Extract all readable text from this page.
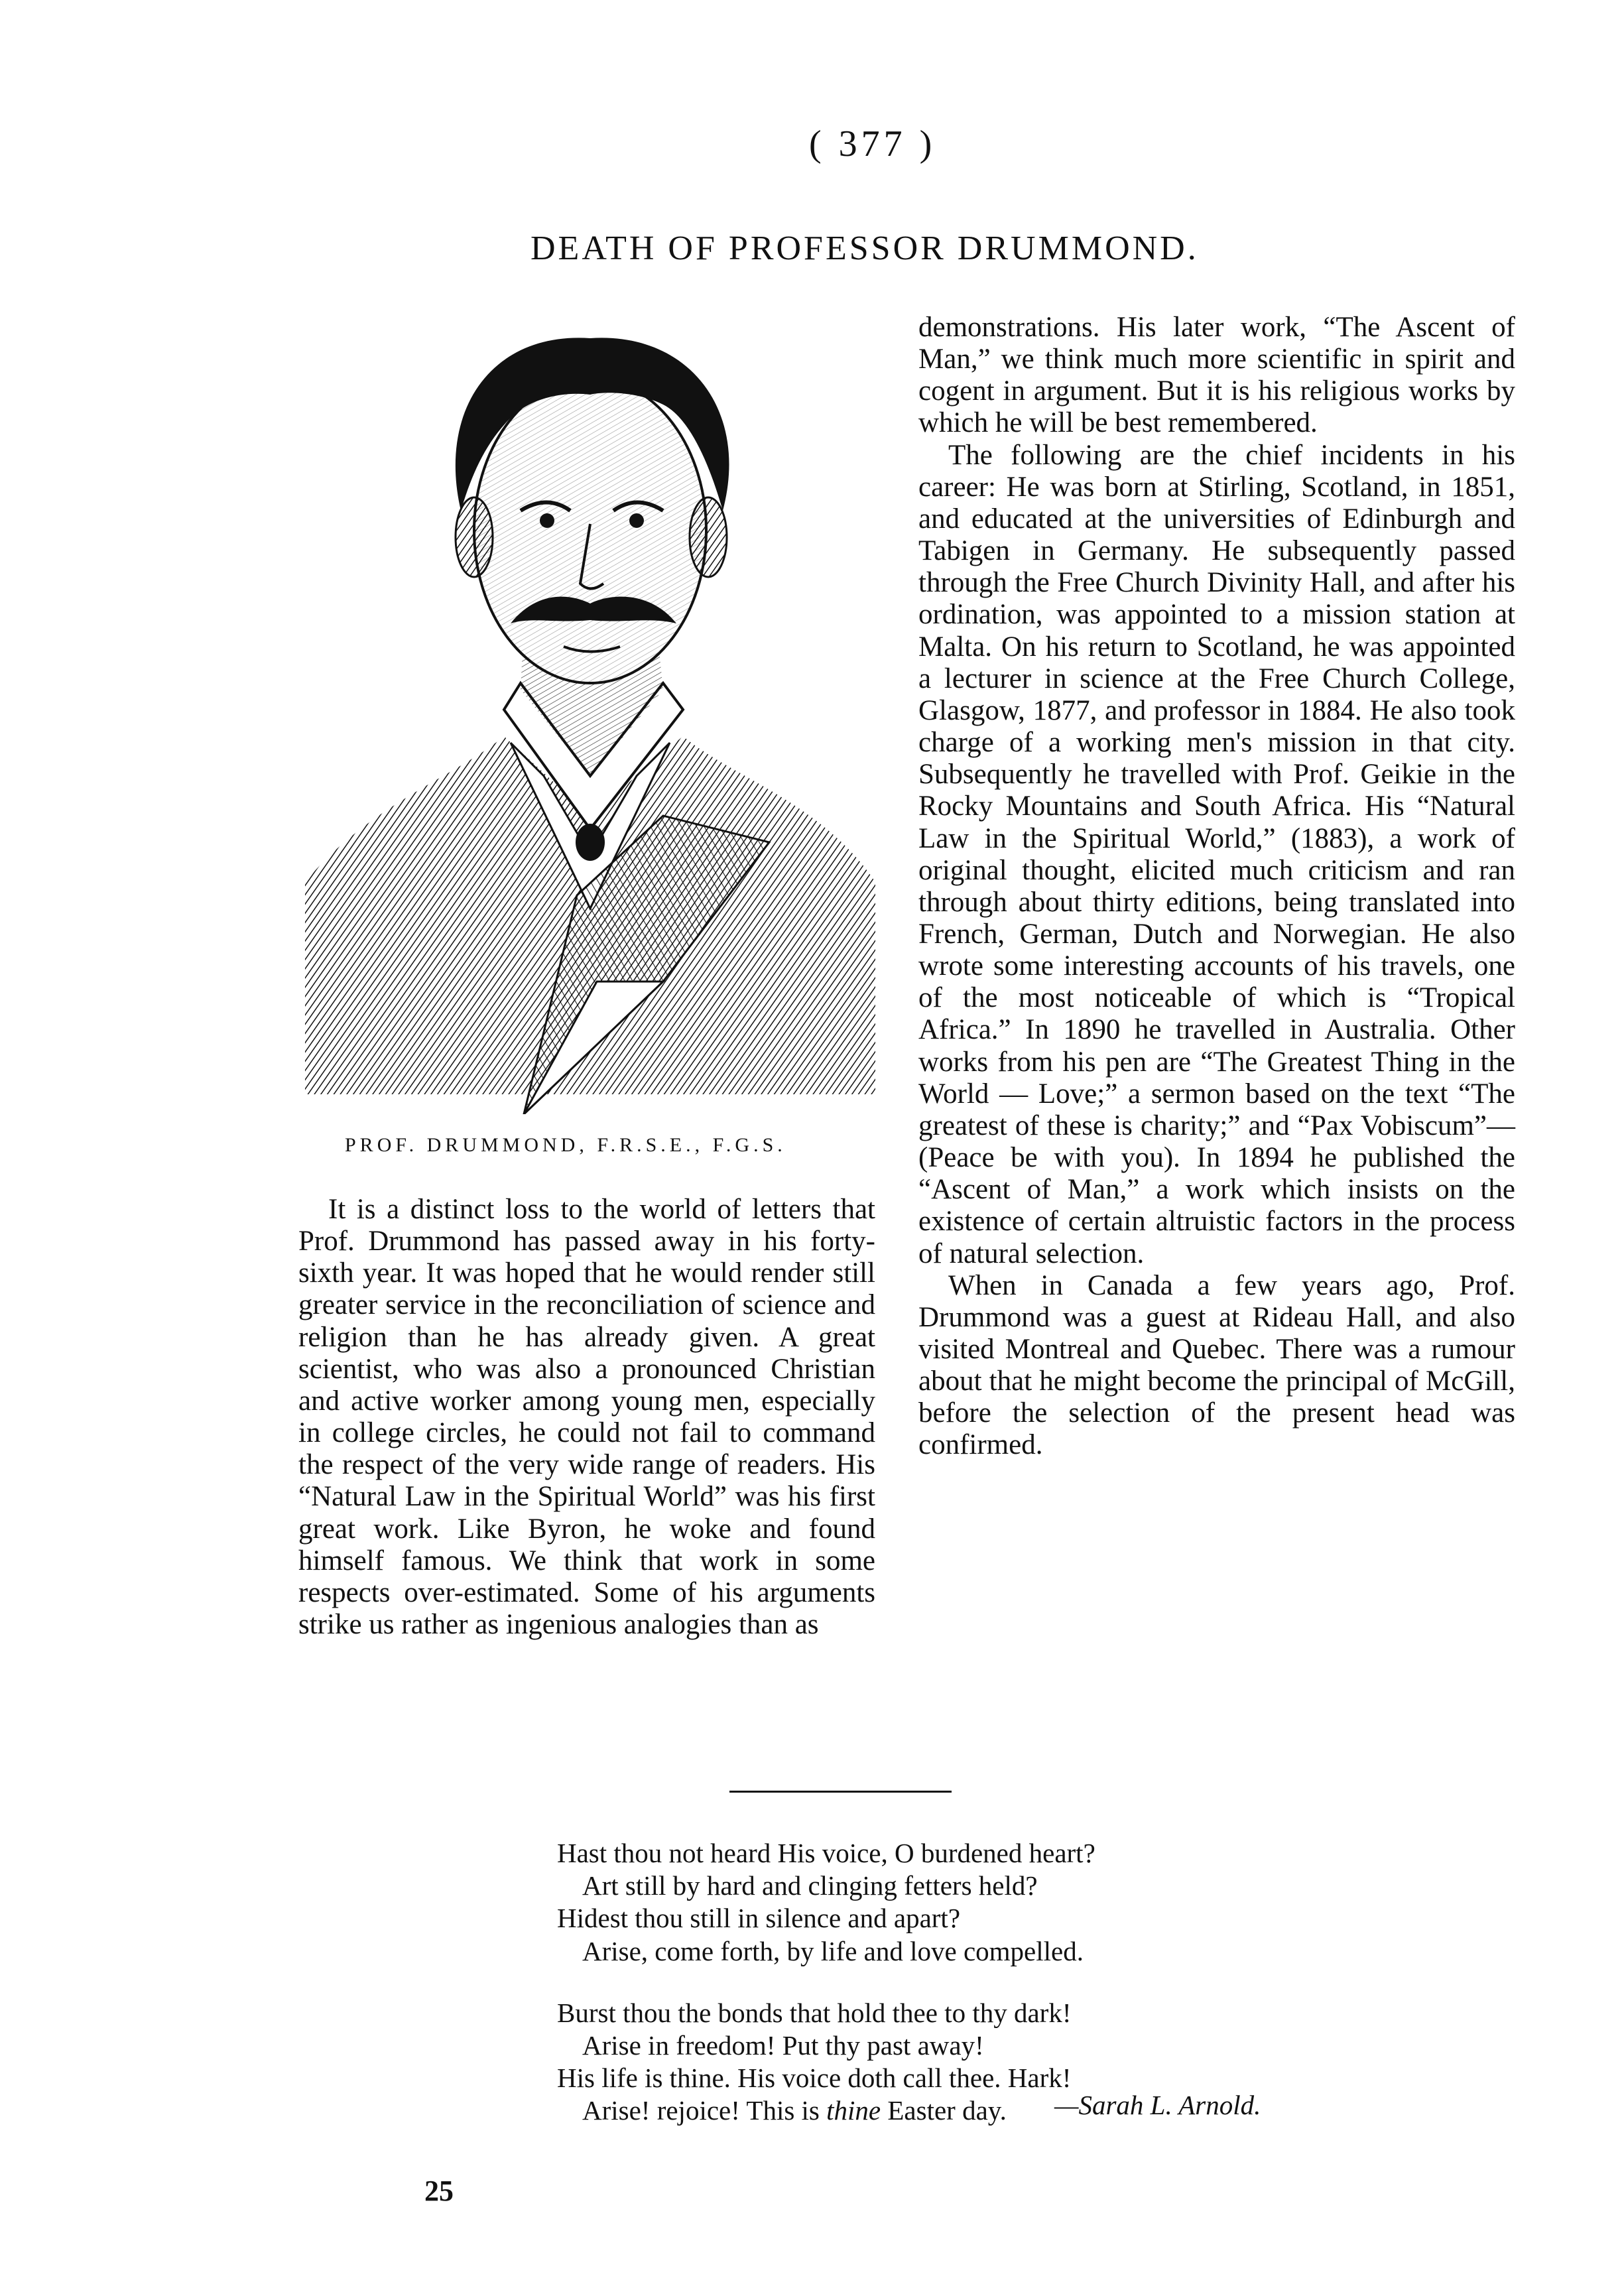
( 377 )
DEATH OF PROFESSOR DRUMMOND.
PROF. DRUMMOND, F.R.S.E., F.G.S.

It is a distinct loss to the world of letters that Prof. Drummond has passed away in his forty-sixth year. It was hoped that he would render still greater service in the reconciliation of science and religion than he has already given. A great scientist, who was also a pronounced Christian and active worker among young men, especially in college circles, he could not fail to command the respect of the very wide range of readers. His “Natural Law in the Spiritual World” was his first great work. Like Byron, he woke and found himself famous. We think that work in some respects over-estimated. Some of his arguments strike us rather as ingenious analogies than as

demonstrations. His later work, “The Ascent of Man,” we think much more scientific in spirit and cogent in argument. But it is his religious works by which he will be best remembered.

The following are the chief incidents in his career: He was born at Stirling, Scotland, in 1851, and educated at the universities of Edinburgh and Tabigen in Germany. He subsequently passed through the Free Church Divinity Hall, and after his ordination, was appointed to a mission station at Malta. On his return to Scotland, he was appointed a lecturer in science at the Free Church College, Glasgow, 1877, and professor in 1884. He also took charge of a working men's mission in that city. Subsequently he travelled with Prof. Geikie in the Rocky Mountains and South Africa. His “Natural Law in the Spiritual World,” (1883), a work of original thought, elicited much criticism and ran through about thirty editions, being translated into French, German, Dutch and Norwegian. He also wrote some interesting accounts of his travels, one of the most noticeable of which is “Tropical Africa.” In 1890 he travelled in Australia. Other works from his pen are “The Greatest Thing in the World — Love;” a sermon based on the text “The greatest of these is charity;” and “Pax Vobiscum”—(Peace be with you). In 1894 he published the “Ascent of Man,” a work which insists on the existence of certain altruistic factors in the process of natural selection.

When in Canada a few years ago, Prof. Drummond was a guest at Rideau Hall, and also visited Montreal and Quebec. There was a rumour about that he might become the principal of McGill, before the selection of the present head was confirmed.

Hast thou not heard His voice, O burdened heart?
Art still by hard and clinging fetters held?
Hidest thou still in silence and apart?
Arise, come forth, by life and love compelled.
Burst thou the bonds that hold thee to thy dark!
Arise in freedom! Put thy past away!
His life is thine. His voice doth call thee. Hark!
Arise! rejoice! This is thine Easter day.	—Sarah L. Arnold.
25
